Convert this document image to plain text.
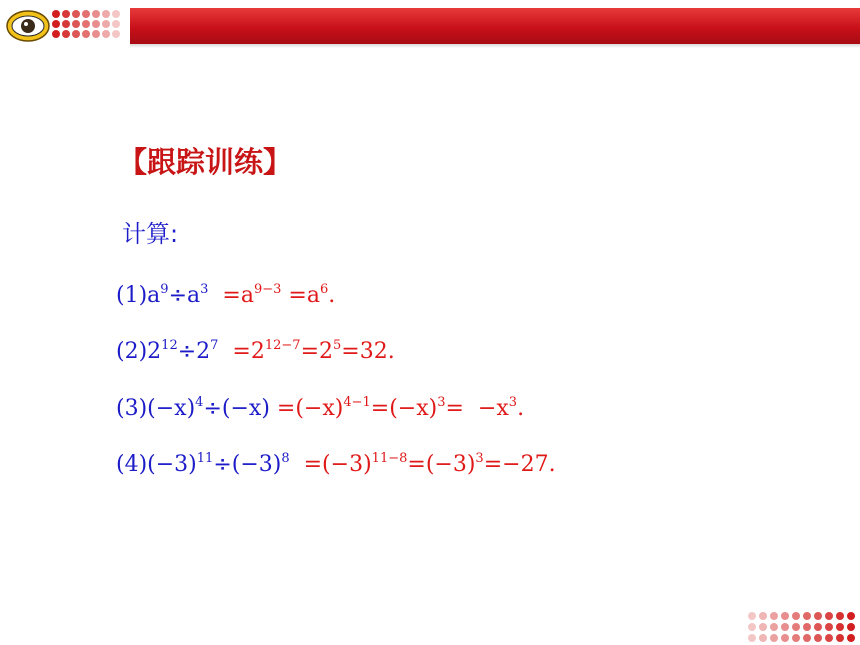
【跟踪训练】
计算:
$(1)a^9\div a^3 =a^{9-3} =a^6$.
$(2)2^{12}\div 2^7 =2^{12-7}=2^5=32$.
$(3)(-x)^4\div(-x) =(-x)^{4-1}=(-x)^3= -x^3$.
$(4)(-3)^{11}\div(-3)^8 =(-3)^{11-8}=(-3)^3=-27$.
